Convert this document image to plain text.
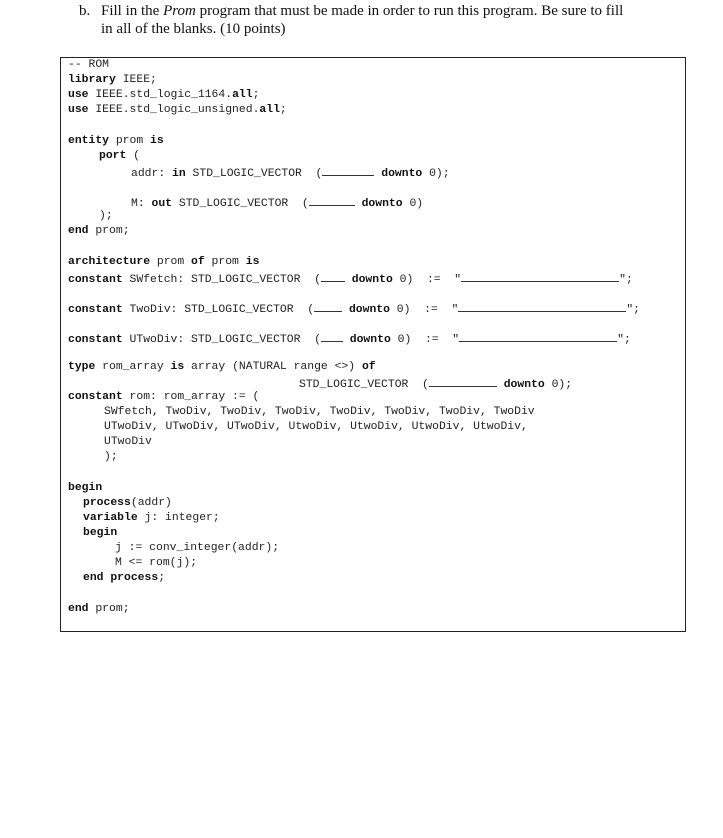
b. Fill in the Prom program that must be made in order to run this program. Be sure to fill
in all of the blanks. (10 points)

-- ROM

library IEEE;

use IEEE.std_logic_1164.all;

use IEEE.std_logic_unsigned.all;

entity prom is

port (

addr: in STD_LOGIC_VECTOR  (	downto 0);

M: out STD_LOGIC_VECTOR  (	downto 0)

);

end prom;

architecture prom of prom is

constant SWfetch: STD_LOGIC_VECTOR  (	downto 0)  :=  "	";

constant TwoDiv: STD_LOGIC_VECTOR  (	downto 0)  :=  "	";

constant UTwoDiv: STD_LOGIC_VECTOR  (	downto 0)  :=  "	";

type rom_array is array (NATURAL range <>) of

STD_LOGIC_VECTOR  (	downto 0);

constant rom: rom_array := (

SWfetch, TwoDiv, TwoDiv, TwoDiv, TwoDiv, TwoDiv, TwoDiv, TwoDiv

UTwoDiv, UTwoDiv, UTwoDiv, UtwoDiv, UtwoDiv, UtwoDiv, UtwoDiv,

UTwoDiv

);

begin

process(addr)

variable j: integer;

begin

j := conv_integer(addr);

M <= rom(j);

end process;

end prom;
